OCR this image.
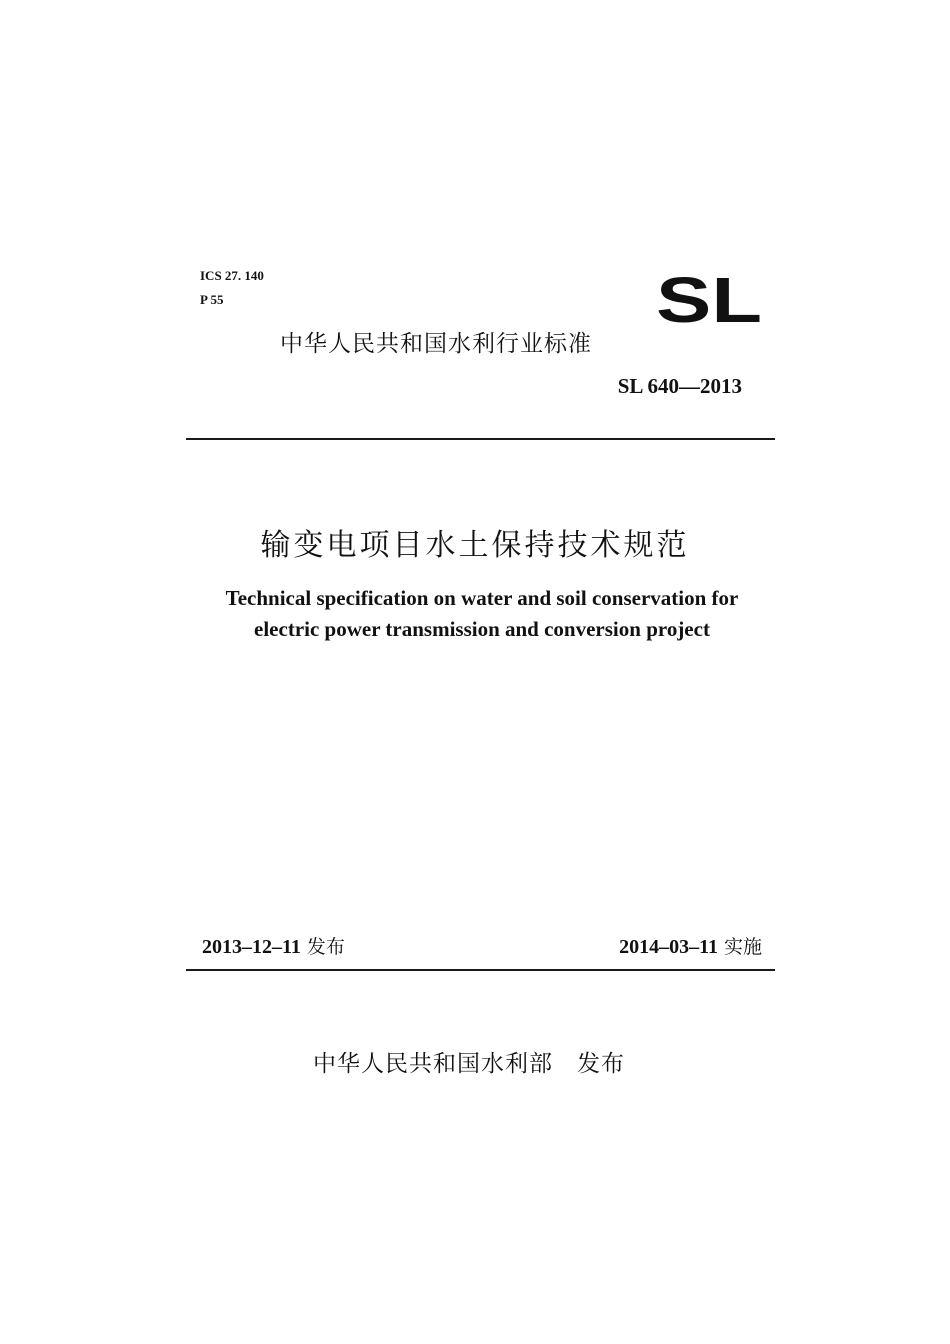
ICS 27. 140
P 55	SL
中华人民共和国水利行业标准
SL 640—2013
输变电项目水土保持技术规范
Technical specification on water and soil conservation for
electric power transmission and conversion project
2013–12–11 发布	2014–03–11 实施
中华人民共和国水利部 发布
